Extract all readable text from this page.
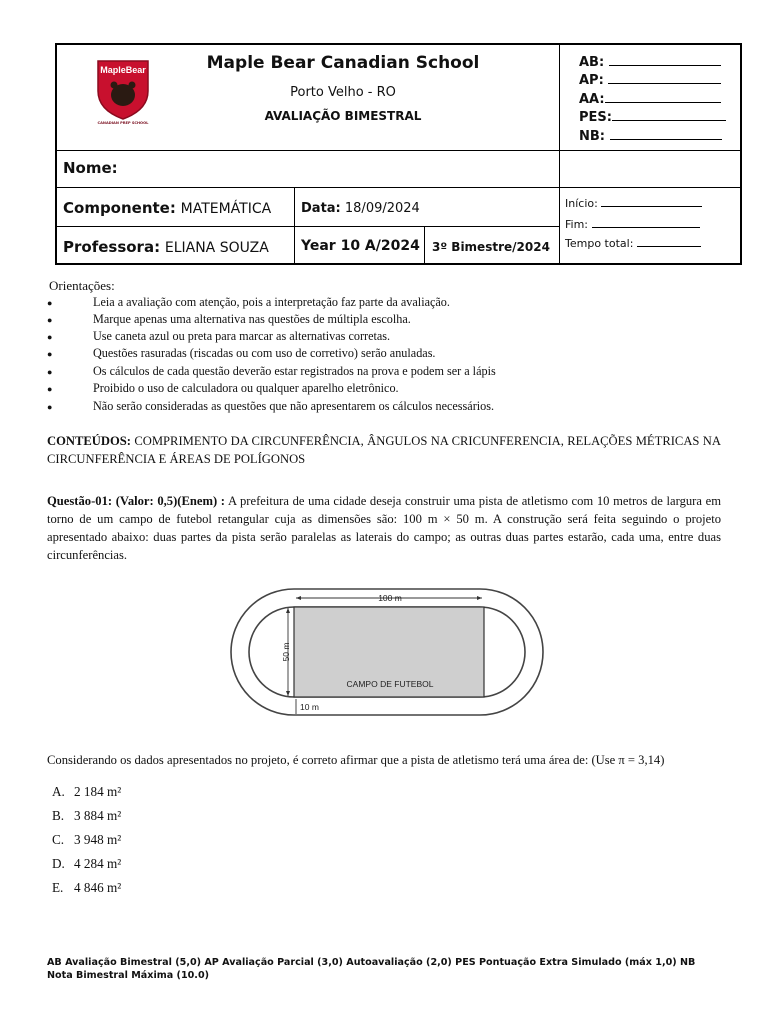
MapleBear
CANADIAN PREP SCHOOL
Maple Bear Canadian School
Porto Velho - RO
AVALIAÇÃO BIMESTRAL
AB:
AP:
AA:
PES:
NB:
Nome:
Componente: MATEMÁTICA Data: 18/09/2024
Professora: ELIANA SOUZA Year 10 A/2024 3º Bimestre/2024
Início:
Fim:
Tempo total:
Orientações:
●	Leia a avaliação com atenção, pois a interpretação faz parte da avaliação.
●	Marque apenas uma alternativa nas questões de múltipla escolha.
●	Use caneta azul ou preta para marcar as alternativas corretas.
●	Questões rasuradas (riscadas ou com uso de corretivo) serão anuladas.
●	Os cálculos de cada questão deverão estar registrados na prova e podem ser a lápis
●	Proibido o uso de calculadora ou qualquer aparelho eletrônico.
●	Não serão consideradas as questões que não apresentarem os cálculos necessários.
CONTEÚDOS: COMPRIMENTO DA CIRCUNFERÊNCIA, ÂNGULOS NA CRICUNFERENCIA, RELAÇÕES MÉTRICAS NA CIRCUNFERÊNCIA E ÁREAS DE POLÍGONOS
Questão-01: (Valor: 0,5)(Enem) : A prefeitura de uma cidade deseja construir uma pista de atletismo com 10 metros de largura em torno de um campo de futebol retangular cuja as dimensões são: 100 m × 50 m. A construção será feita seguindo o projeto apresentado abaixo: duas partes da pista serão paralelas as laterais do campo; as outras duas partes estarão, cada uma, entre duas circunferências.
100 m
50 m
CAMPO DE FUTEBOL
10 m
Considerando os dados apresentados no projeto, é correto afirmar que a pista de atletismo terá uma área de: (Use π = 3,14)
A. 2 184 m²
B. 3 884 m²
C. 3 948 m²
D. 4 284 m²
E. 4 846 m²
AB Avaliação Bimestral (5,0) AP Avaliação Parcial (3,0) Autoavaliação (2,0) PES Pontuação Extra Simulado (máx 1,0) NB Nota Bimestral Máxima (10.0)
